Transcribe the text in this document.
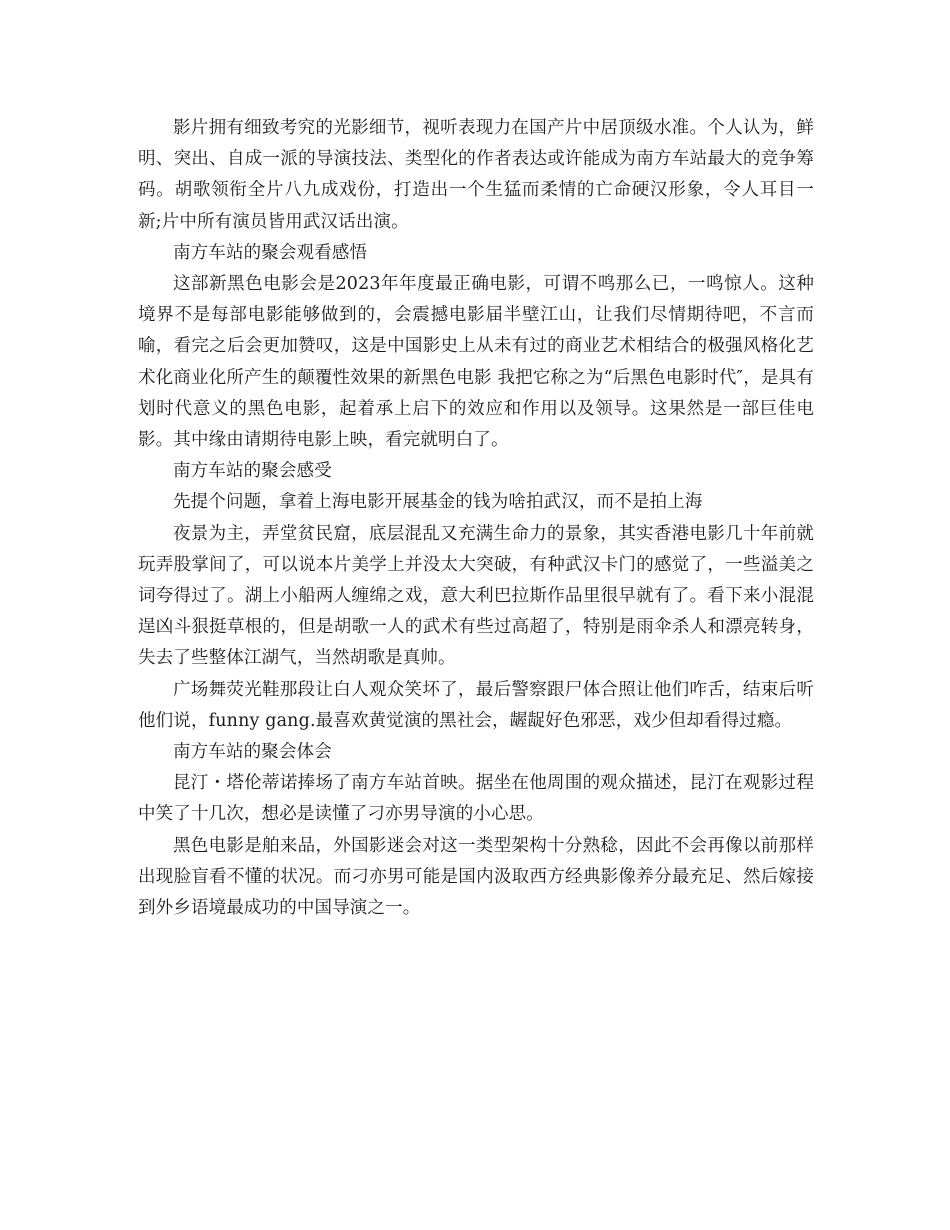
影片拥有细致考究的光影细节，视听表现力在国产片中居顶级水准。个人认为，鲜明、突出、自成一派的导演技法、类型化的作者表达或许能成为南方车站最大的竞争筹码。胡歌领衔全片八九成戏份，打造出一个生猛而柔情的亡命硬汉形象，令人耳目一新;片中所有演员皆用武汉话出演。

南方车站的聚会观看感悟

这部新黑色电影会是2023年年度最正确电影，可谓不鸣那么已，一鸣惊人。这种境界不是每部电影能够做到的，会震撼电影届半壁江山，让我们尽情期待吧，不言而喻，看完之后会更加赞叹，这是中国影史上从未有过的商业艺术相结合的极强风格化艺术化商业化所产生的颠覆性效果的新黑色电影 我把它称之为“后黑色电影时代″，是具有划时代意义的黑色电影，起着承上启下的效应和作用以及领导。这果然是一部巨佳电影。其中缘由请期待电影上映，看完就明白了。

南方车站的聚会感受

先提个问题，拿着上海电影开展基金的钱为啥拍武汉，而不是拍上海

夜景为主，弄堂贫民窟，底层混乱又充满生命力的景象，其实香港电影几十年前就玩弄股掌间了，可以说本片美学上并没太大突破，有种武汉卡门的感觉了，一些溢美之词夸得过了。湖上小船两人缠绵之戏，意大利巴拉斯作品里很早就有了。看下来小混混逞凶斗狠挺草根的，但是胡歌一人的武术有些过高超了，特别是雨伞杀人和漂亮转身，失去了些整体江湖气，当然胡歌是真帅。

广场舞荧光鞋那段让白人观众笑坏了，最后警察跟尸体合照让他们咋舌，结束后听他们说，funny gang.最喜欢黄觉演的黑社会，龌龊好色邪恶，戏少但却看得过瘾。

南方车站的聚会体会

昆汀・塔伦蒂诺捧场了南方车站首映。据坐在他周围的观众描述，昆汀在观影过程中笑了十几次，想必是读懂了刁亦男导演的小心思。

黑色电影是舶来品，外国影迷会对这一类型架构十分熟稔，因此不会再像以前那样出现脸盲看不懂的状况。而刁亦男可能是国内汲取西方经典影像养分最充足、然后嫁接到外乡语境最成功的中国导演之一。
